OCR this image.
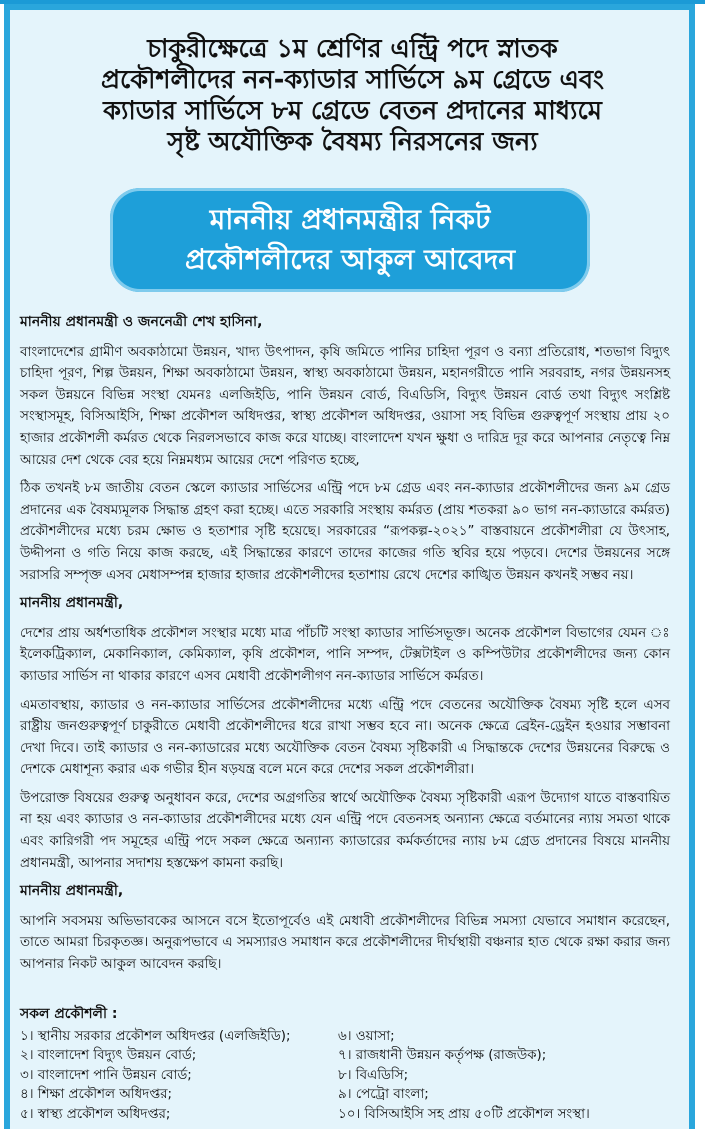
চাকুরীক্ষেত্রে ১ম শ্রেণির এন্ট্রি পদে স্নাতক
প্রকৌশলীদের নন-ক্যাডার সার্ভিসে ৯ম গ্রেডে এবং
ক্যাডার সার্ভিসে ৮ম গ্রেডে বেতন প্রদানের মাধ্যমে
সৃষ্ট অযৌক্তিক বৈষম্য নিরসনের জন্য
মাননীয় প্রধানমন্ত্রীর নিকট
প্রকৌশলীদের আকুল আবেদন

মাননীয় প্রধানমন্ত্রী ও জননেত্রী শেখ হাসিনা,

বাংলাদেশের গ্রামীণ অবকাঠামো উন্নয়ন, খাদ্য উৎপাদন, কৃষি জমিতে পানির চাহিদা পূরণ ও বন্যা প্রতিরোধ, শতভাগ বিদ্যুৎ চাহিদা পূরণ, শিল্প উন্নয়ন, শিক্ষা অবকাঠামো উন্নয়ন, স্বাস্থ্য অবকাঠামো উন্নয়ন, মহানগরীতে পানি সরবরাহ, নগর উন্নয়নসহ সকল উন্নয়নে বিভিন্ন সংস্থা যেমনঃ এলজিইডি, পানি উন্নয়ন বোর্ড, বিএডিসি, বিদ্যুৎ উন্নয়ন বোর্ড তথা বিদ্যুৎ সংশ্লিষ্ট সংস্থাসমূহ, বিসিআইসি, শিক্ষা প্রকৌশল অধিদপ্তর, স্বাস্থ্য প্রকৌশল অধিদপ্তর, ওয়াসা সহ বিভিন্ন গুরুত্বপূর্ণ সংস্থায় প্রায় ২০ হাজার প্রকৌশলী কর্মরত থেকে নিরলসভাবে কাজ করে যাচ্ছে। বাংলাদেশ যখন ক্ষুধা ও দারিদ্র দূর করে আপনার নেতৃত্বে নিম্ন আয়ের দেশ থেকে বের হয়ে নিম্নমধ্যম আয়ের দেশে পরিণত হচ্ছে,

ঠিক তখনই ৮ম জাতীয় বেতন স্কেলে ক্যাডার সার্ভিসের এন্ট্রি পদে ৮ম গ্রেড এবং নন-ক্যাডার প্রকৌশলীদের জন্য ৯ম গ্রেড প্রদানের এক বৈষম্যমূলক সিদ্ধান্ত গ্রহণ করা হচ্ছে। এতে সরকারি সংস্থায় কর্মরত (প্রায় শতকরা ৯০ ভাগ নন-ক্যাডারে কর্মরত) প্রকৌশলীদের মধ্যে চরম ক্ষোভ ও হতাশার সৃষ্টি হয়েছে। সরকারের “রূপকল্প-২০২১” বাস্তবায়নে প্রকৌশলীরা যে উৎসাহ, উদ্দীপনা ও গতি নিয়ে কাজ করছে, এই সিদ্ধান্তের কারণে তাদের কাজের গতি স্থবির হয়ে পড়বে। দেশের উন্নয়নের সঙ্গে সরাসরি সম্পৃক্ত এসব মেধাসম্পন্ন হাজার হাজার প্রকৌশলীদের হতাশায় রেখে দেশের কাঙ্খিত উন্নয়ন কখনই সম্ভব নয়।

মাননীয় প্রধানমন্ত্রী,

দেশের প্রায় অর্ধশতাধিক প্রকৌশল সংস্থার মধ্যে মাত্র পাঁচটি সংস্থা ক্যাডার সার্ভিসভূক্ত। অনেক প্রকৌশল বিভাগের যেমন ঃ ইলেকট্রিক্যাল, মেকানিক্যাল, কেমিক্যাল, কৃষি প্রকৌশল, পানি সম্পদ, টেক্সটাইল ও কম্পিউটার প্রকৌশলীদের জন্য কোন ক্যাডার সার্ভিস না থাকার কারণে এসব মেধাবী প্রকৌশলীগণ নন-ক্যাডার সার্ভিসে কর্মরত।

এমতাবস্থায়, ক্যাডার ও নন-ক্যাডার সার্ভিসের প্রকৌশলীদের মধ্যে এন্ট্রি পদে বেতনের অযৌক্তিক বৈষম্য সৃষ্টি হলে এসব রাষ্ট্রীয় জনগুরুত্বপূর্ণ চাকুরীতে মেধাবী প্রকৌশলীদের ধরে রাখা সম্ভব হবে না। অনেক ক্ষেত্রে ব্রেইন-ড্রেইন হওয়ার সম্ভাবনা দেখা দিবে। তাই ক্যাডার ও নন-ক্যাডারের মধ্যে অযৌক্তিক বেতন বৈষম্য সৃষ্টিকারী এ সিদ্ধান্তকে দেশের উন্নয়নের বিরুদ্ধে ও দেশকে মেধাশূন্য করার এক গভীর হীন ষড়যন্ত্র বলে মনে করে দেশের সকল প্রকৌশলীরা।

উপরোক্ত বিষয়ের গুরুত্ব অনুধাবন করে, দেশের অগ্রগতির স্বার্থে অযৌক্তিক বৈষম্য সৃষ্টিকারী এরূপ উদ্যোগ যাতে বাস্তবায়িত না হয় এবং ক্যাডার ও নন-ক্যাডার প্রকৌশলীদের মধ্যে যেন এন্ট্রি পদে বেতনসহ অন্যান্য ক্ষেত্রে বর্তমানের ন্যায় সমতা থাকে এবং কারিগরী পদ সমূহের এন্ট্রি পদে সকল ক্ষেত্রে অন্যান্য ক্যাডারের কর্মকর্তাদের ন্যায় ৮ম গ্রেড প্রদানের বিষয়ে মাননীয় প্রধানমন্ত্রী, আপনার সদাশয় হস্তক্ষেপ কামনা করছি।

মাননীয় প্রধানমন্ত্রী,

আপনি সবসময় অভিভাবকের আসনে বসে ইতোপূর্বেও এই মেধাবী প্রকৌশলীদের বিভিন্ন সমস্যা যেভাবে সমাধান করেছেন, তাতে আমরা চিরকৃতজ্ঞ। অনুরূপভাবে এ সমস্যারও সমাধান করে প্রকৌশলীদের দীর্ঘস্থায়ী বঞ্চনার হাত থেকে রক্ষা করার জন্য আপনার নিকট আকুল আবেদন করছি।

সকল প্রকৌশলী :
১। স্থানীয় সরকার প্রকৌশল অধিদপ্তর (এলজিইডি);
২। বাংলাদেশ বিদ্যুৎ উন্নয়ন বোর্ড;
৩। বাংলাদেশ পানি উন্নয়ন বোর্ড;
৪। শিক্ষা প্রকৌশল অধিদপ্তর;
৫। স্বাস্থ্য প্রকৌশল অধিদপ্তর;
৬। ওয়াসা;
৭। রাজধানী উন্নয়ন কর্তৃপক্ষ (রাজউক);
৮। বিএডিসি;
৯। পেট্রো বাংলা;
১০। বিসিআইসি সহ প্রায় ৫০টি প্রকৌশল সংস্থা।
